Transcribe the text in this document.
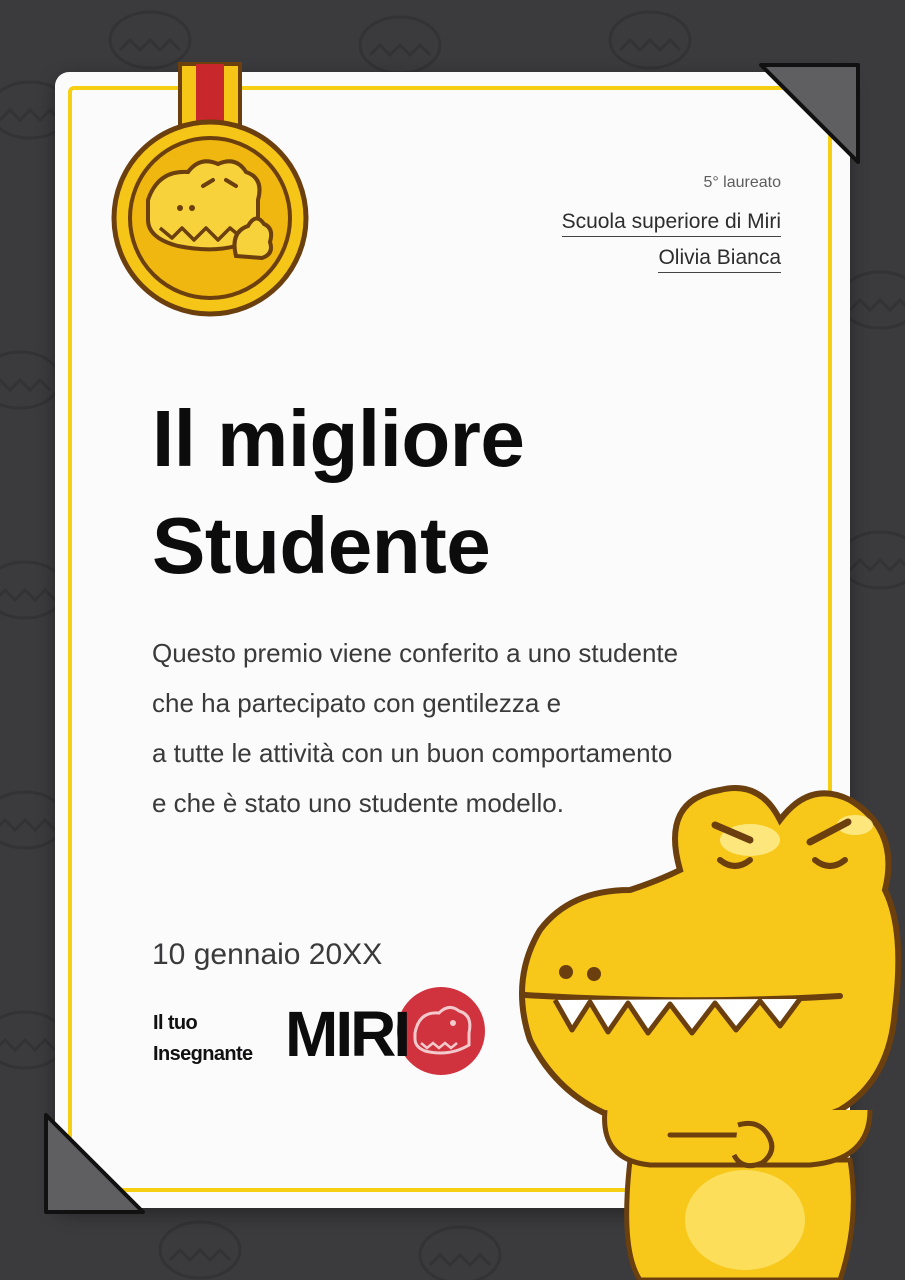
5° laureato
Scuola superiore di Miri
Olivia Bianca
Il migliore
Studente
Questo premio viene conferito a uno studente
che ha partecipato con gentilezza e
a tutte le attività con un buon comportamento
e che è stato uno studente modello.
10 gennaio 20XX
Il tuo
Insegnante MIRI
